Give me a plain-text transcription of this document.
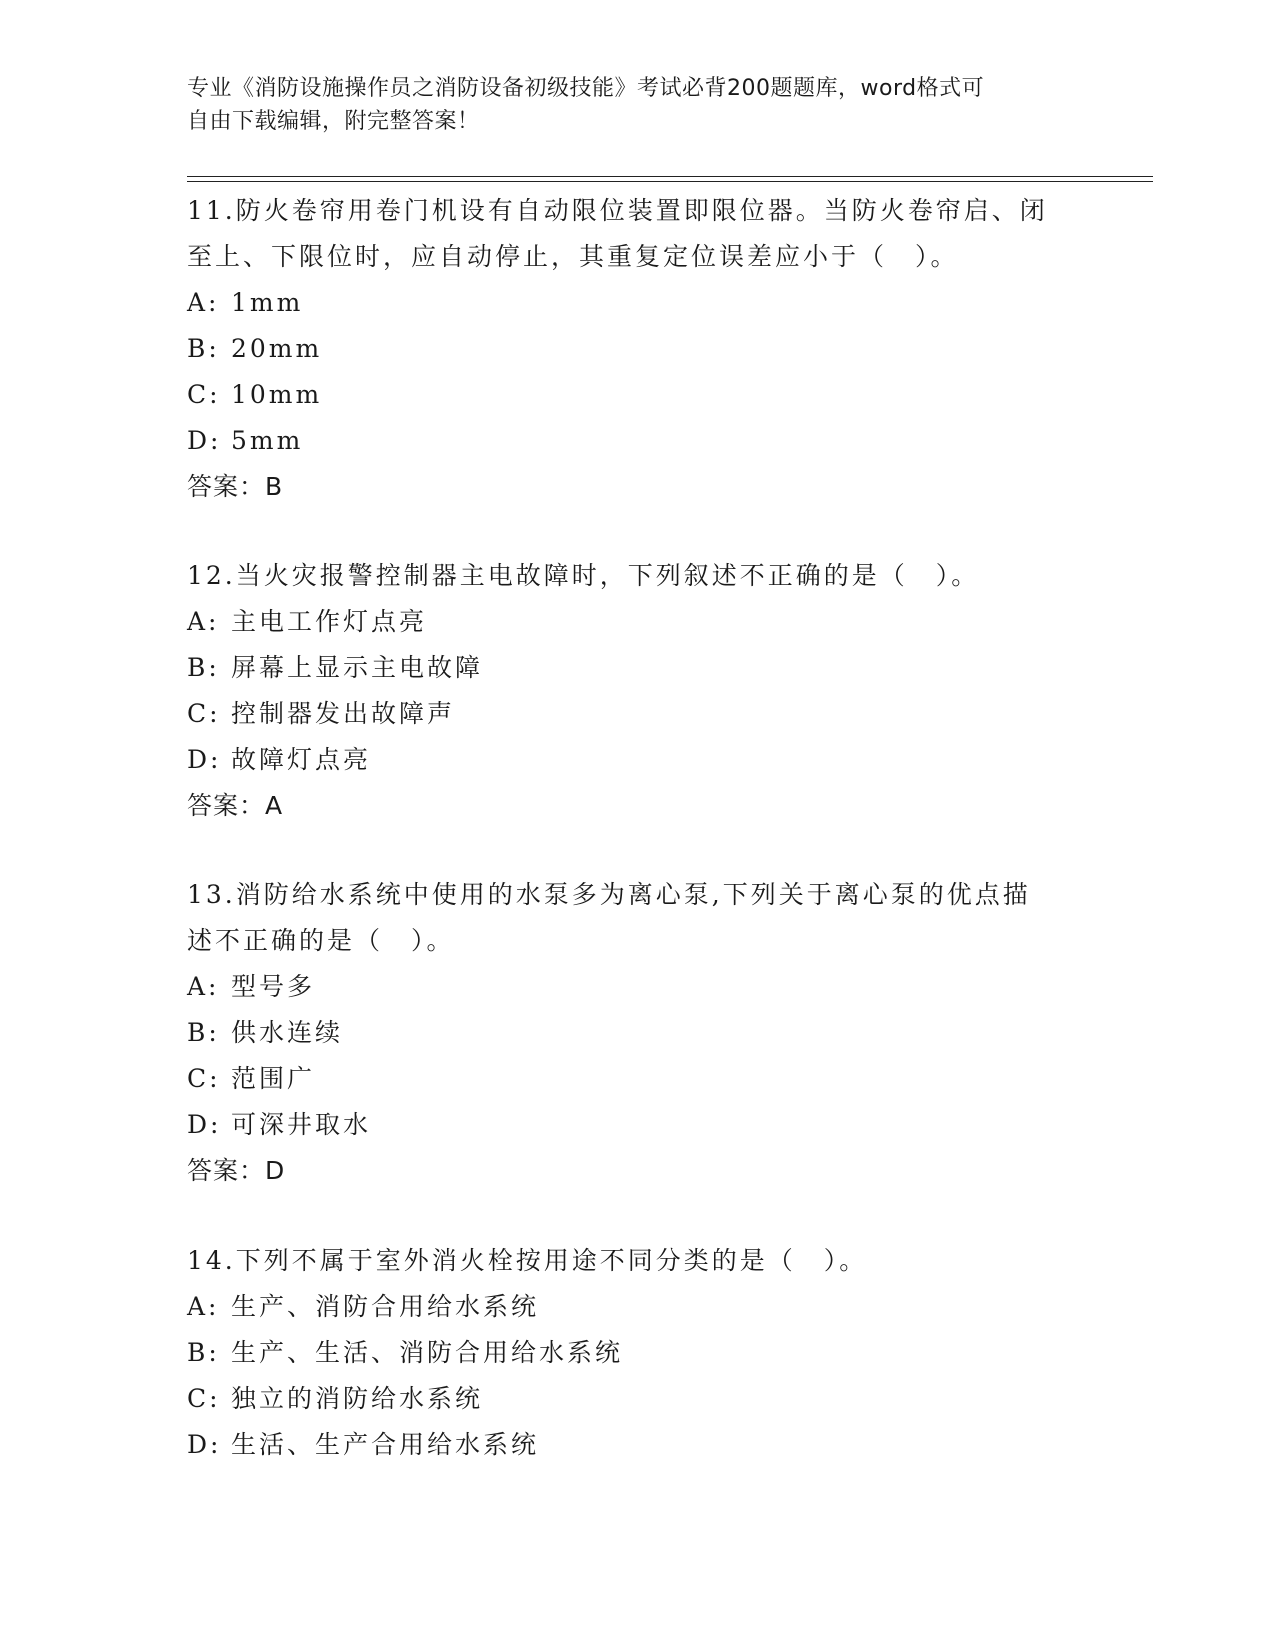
专业《消防设施操作员之消防设备初级技能》考试必背200题题库，word格式可
自由下载编辑，附完整答案！

11.防火卷帘用卷门机设有自动限位装置即限位器。当防火卷帘启、闭

至上、下限位时，应自动停止，其重复定位误差应小于（　）。

A: 1mm
B: 20mm
C: 10mm
D: 5mm

答案：B

12.当火灾报警控制器主电故障时，下列叙述不正确的是（　）。

A: 主电工作灯点亮
B: 屏幕上显示主电故障
C: 控制器发出故障声
D: 故障灯点亮

答案：A

13.消防给水系统中使用的水泵多为离心泵,下列关于离心泵的优点描

述不正确的是（　）。

A: 型号多
B: 供水连续
C: 范围广
D: 可深井取水

答案：D

14.下列不属于室外消火栓按用途不同分类的是（　）。

A: 生产、消防合用给水系统
B: 生产、生活、消防合用给水系统
C: 独立的消防给水系统
D: 生活、生产合用给水系统
